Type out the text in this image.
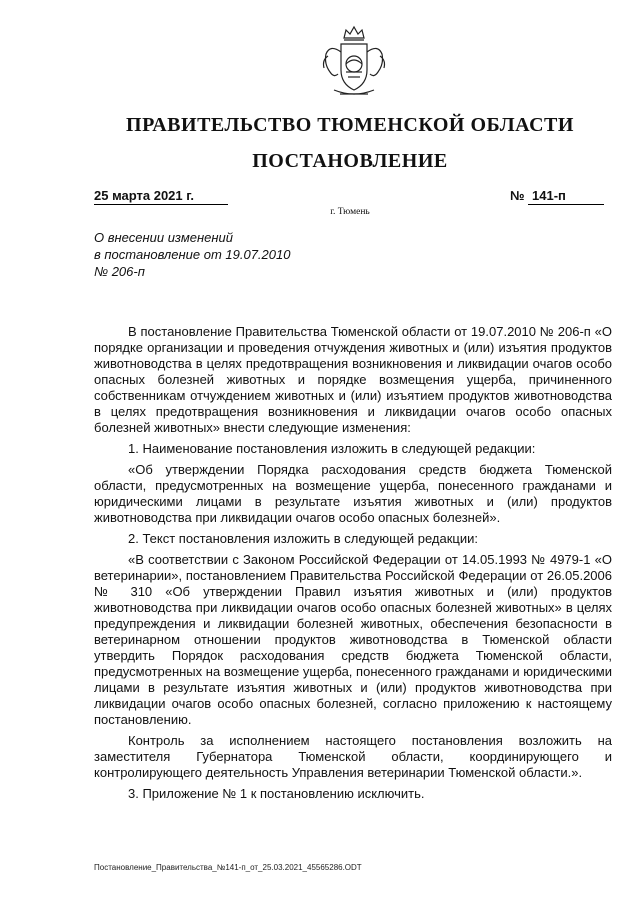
ПРАВИТЕЛЬСТВО ТЮМЕНСКОЙ ОБЛАСТИ
ПОСТАНОВЛЕНИЕ
25 марта 2021 г.	№ 141-п
г. Тюмень
О внесении изменений
в постановление от 19.07.2010
№ 206-п

В постановление Правительства Тюменской области от 19.07.2010 № 206-п «О порядке организации и проведения отчуждения животных и (или) изъятия продуктов животноводства в целях предотвращения возникновения и ликвидации очагов особо опасных болезней животных и порядке возмещения ущерба, причиненного собственникам отчуждением животных и (или) изъятием продуктов животноводства в целях предотвращения возникновения и ликвидации очагов особо опасных болезней животных» внести следующие изменения:

1. Наименование постановления изложить в следующей редакции:

«Об утверждении Порядка расходования средств бюджета Тюменской области, предусмотренных на возмещение ущерба, понесенного гражданами и юридическими лицами в результате изъятия животных и (или) продуктов животноводства при ликвидации очагов особо опасных болезней».

2. Текст постановления изложить в следующей редакции:

«В соответствии с Законом Российской Федерации от 14.05.1993 № 4979-1 «О ветеринарии», постановлением Правительства Российской Федерации от 26.05.2006 № 310 «Об утверждении Правил изъятия животных и (или) продуктов животноводства при ликвидации очагов особо опасных болезней животных» в целях предупреждения и ликвидации болезней животных, обеспечения безопасности в ветеринарном отношении продуктов животноводства в Тюменской области утвердить Порядок расходования средств бюджета Тюменской области, предусмотренных на возмещение ущерба, понесенного гражданами и юридическими лицами в результате изъятия животных и (или) продуктов животноводства при ликвидации очагов особо опасных болезней, согласно приложению к настоящему постановлению.

Контроль за исполнением настоящего постановления возложить на заместителя Губернатора Тюменской области, координирующего и контролирующего деятельность Управления ветеринарии Тюменской области.».

3. Приложение № 1 к постановлению исключить.

Постановление_Правительства_№141-п_от_25.03.2021_45565286.ODT
